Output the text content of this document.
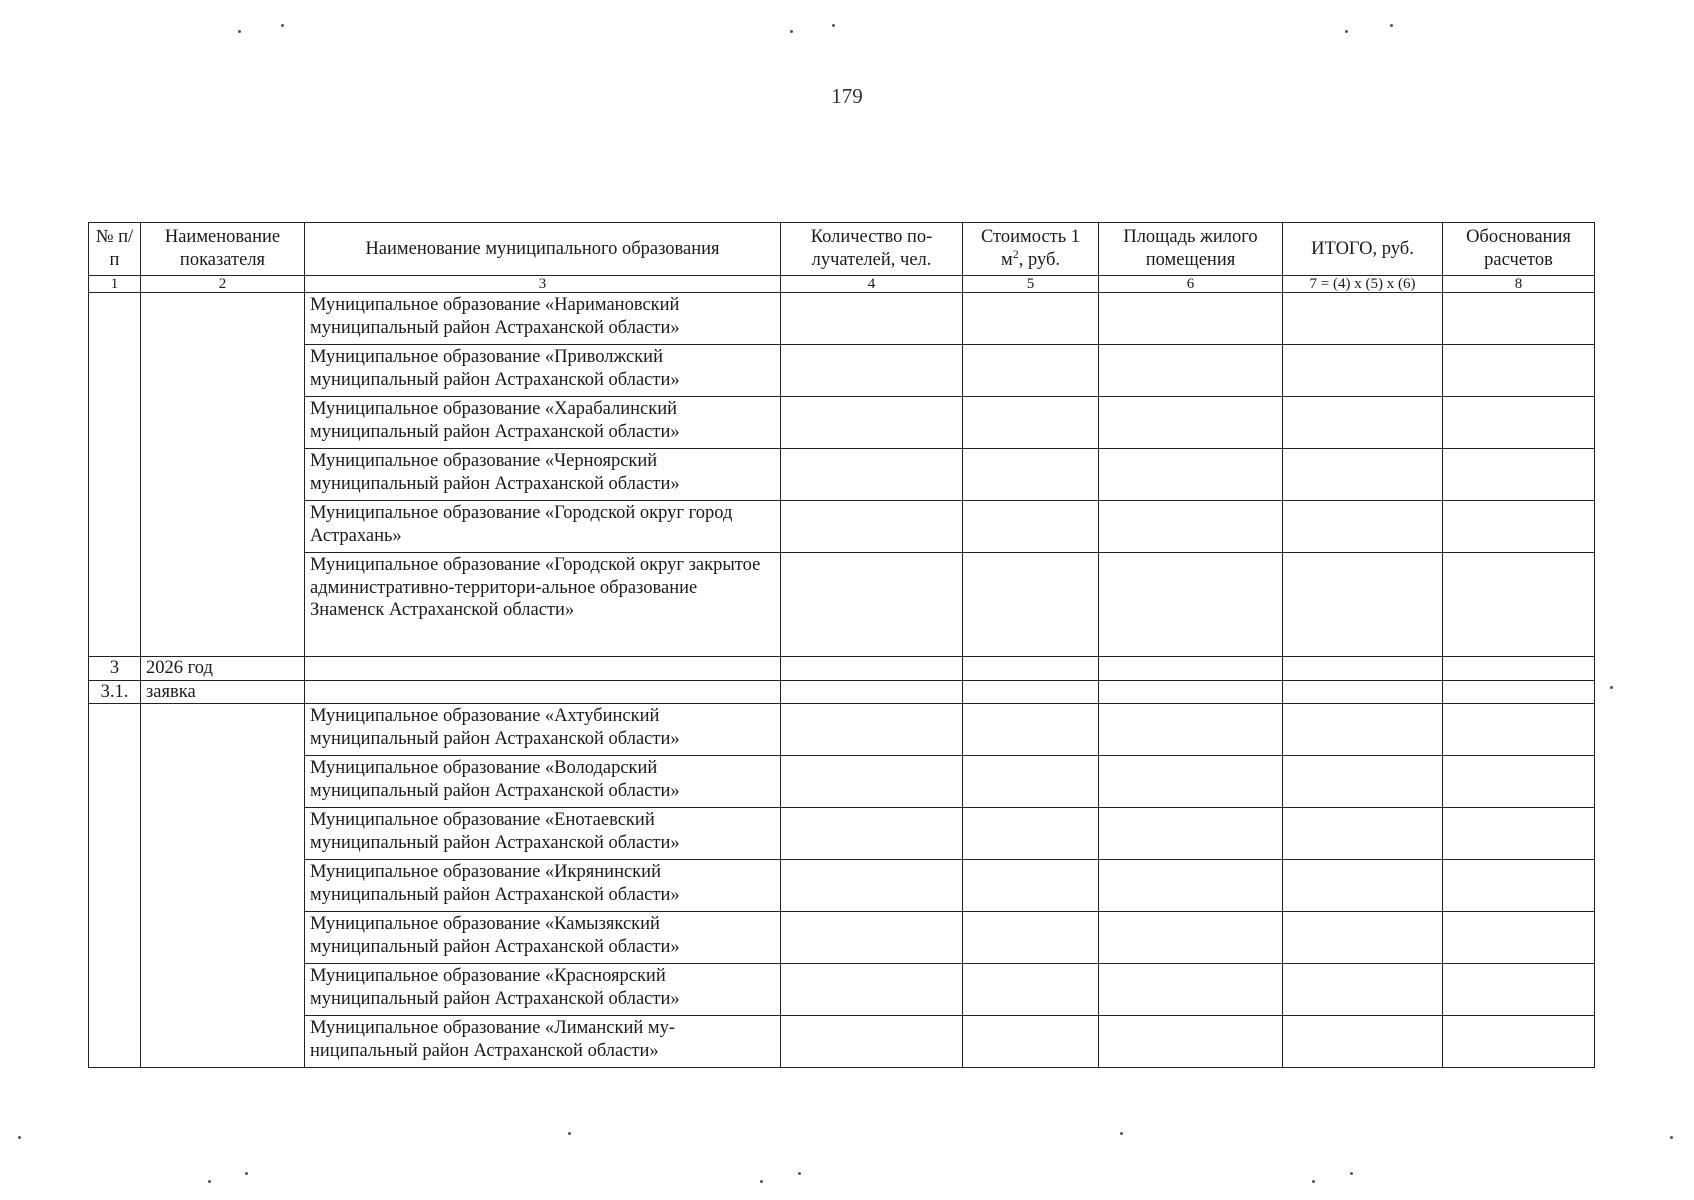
179
№ п/п	Наименование показателя	Наименование муниципального образования	Количество по-лучателей, чел.	Стоимость 1 $м^2$, руб.	Площадь жилого помещения	ИТОГО, руб.	Обоснования расчетов
1	2	3	4	5	6	7 = (4) x (5) x (6)	8
		Муниципальное образование «Наримановский муниципальный район Астраханской области»					
		Муниципальное образование «Приволжский муниципальный район Астраханской области»					
		Муниципальное образование «Харабалинский муниципальный район Астраханской области»					
		Муниципальное образование «Черноярский муниципальный район Астраханской области»					
		Муниципальное образование «Городской округ город Астрахань»					
		Муниципальное образование «Городской округ закрытое административно-территори-альное образование Знаменск Астраханской области»					
3	2026 год						
3.1.	заявка						
		Муниципальное образование «Ахтубинский муниципальный район Астраханской области»					
		Муниципальное образование «Володарский муниципальный район Астраханской области»					
		Муниципальное образование «Енотаевский муниципальный район Астраханской области»					
		Муниципальное образование «Икрянинский муниципальный район Астраханской области»					
		Муниципальное образование «Камызякский муниципальный район Астраханской области»					
		Муниципальное образование «Красноярский муниципальный район Астраханской области»					
		Муниципальное образование «Лиманский му-ниципальный район Астраханской области»					
